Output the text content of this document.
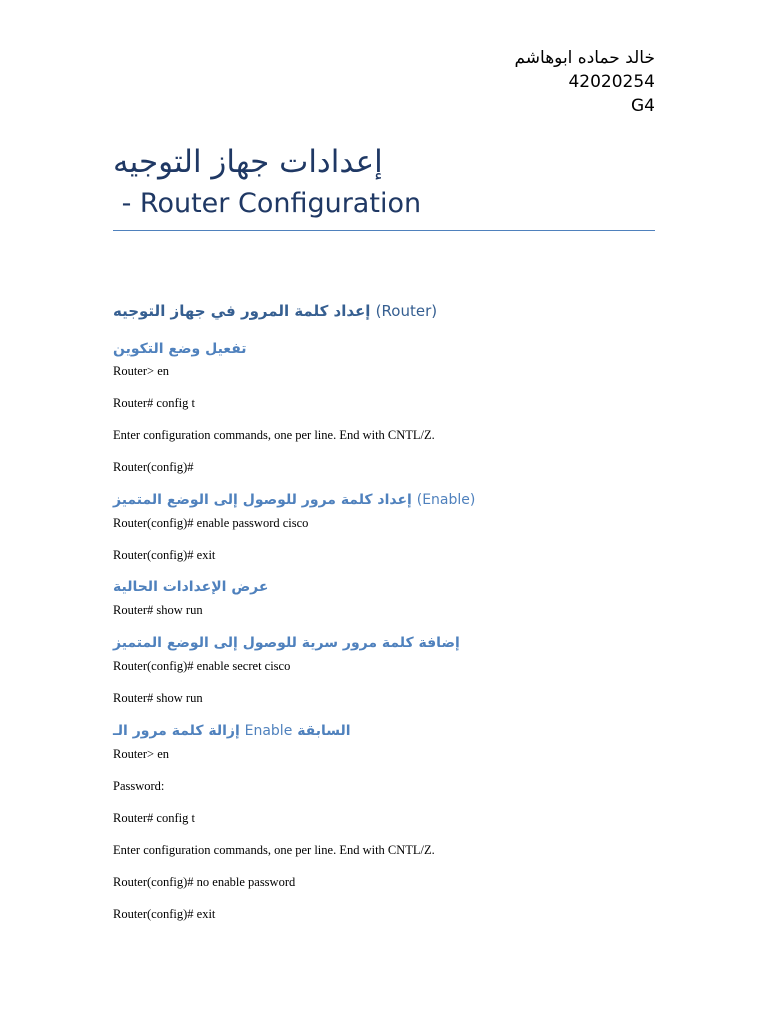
خالد حماده ابوهاشم
42020254
G4
إعدادات جهاز التوجيه
- Router Configuration
إعداد كلمة المرور في جهاز التوجيه (Router)
تفعيل وضع التكوين
Router> en
Router# config t
Enter configuration commands, one per line. End with CNTL/Z.
Router(config)#
إعداد كلمة مرور للوصول إلى الوضع المتميز (Enable)
Router(config)# enable password cisco
Router(config)# exit
عرض الإعدادات الحالية
Router# show run
إضافة كلمة مرور سرية للوصول إلى الوضع المتميز
Router(config)# enable secret cisco
Router# show run
إزالة كلمة مرور الـ Enable السابقة
Router> en
Password:
Router# config t
Enter configuration commands, one per line. End with CNTL/Z.
Router(config)# no enable password
Router(config)# exit
